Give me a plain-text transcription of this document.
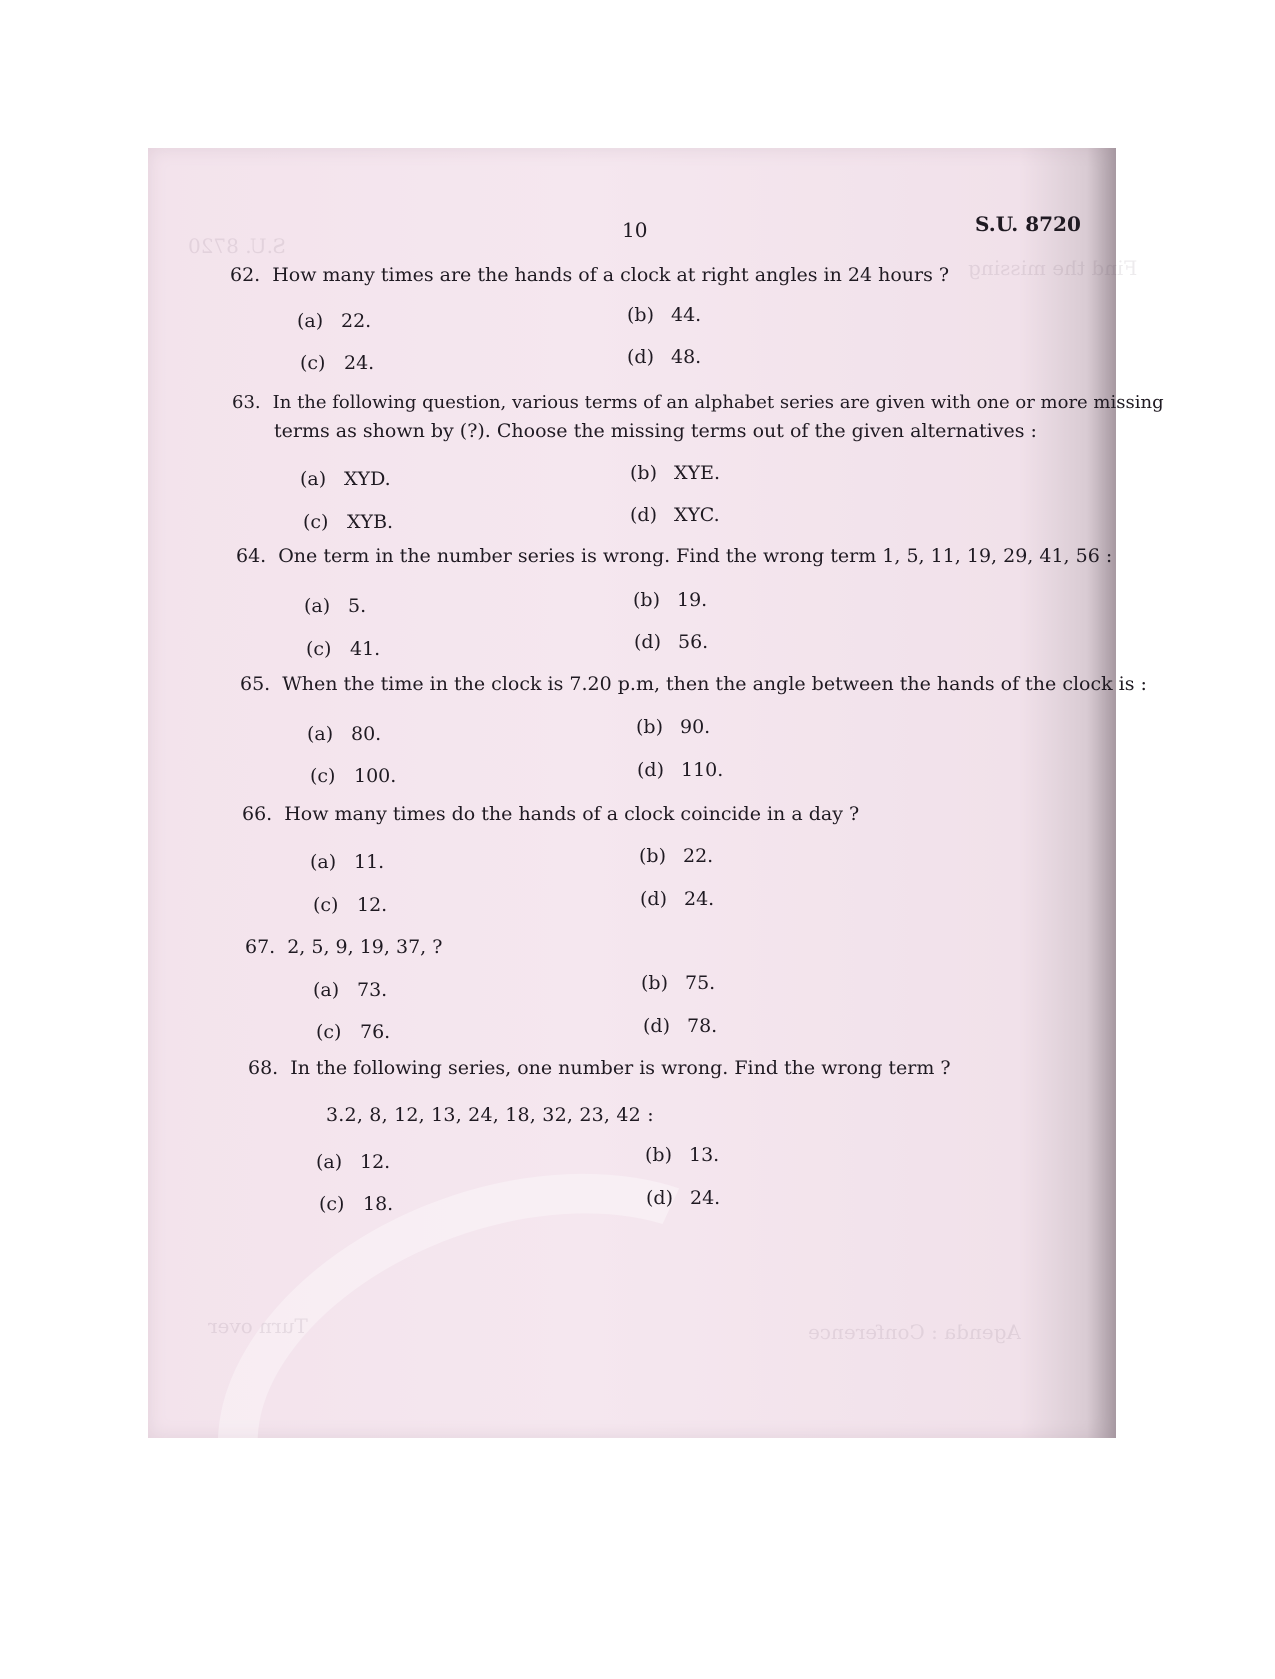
S.U. 8720
Find the missing
Agenda : Conference
Turn over
10	S.U. 8720
62. How many times are the hands of a clock at right angles in 24 hours ?
(a) 22.	(b) 44.
(c) 24.	(d) 48.
63. In the following question, various terms of an alphabet series are given with one or more missing
terms as shown by (?). Choose the missing terms out of the given alternatives :
(a) XYD.	(b) XYE.
(c) XYB.	(d) XYC.
64. One term in the number series is wrong. Find the wrong term 1, 5, 11, 19, 29, 41, 56 :
(a) 5.	(b) 19.
(c) 41.	(d) 56.
65. When the time in the clock is 7.20 p.m, then the angle between the hands of the clock is :
(a) 80.	(b) 90.
(c) 100.	(d) 110.
66. How many times do the hands of a clock coincide in a day ?
(a) 11.	(b) 22.
(c) 12.	(d) 24.
67. 2, 5, 9, 19, 37, ?
(a) 73.	(b) 75.
(c) 76.	(d) 78.
68. In the following series, one number is wrong. Find the wrong term ?
3.2, 8, 12, 13, 24, 18, 32, 23, 42 :
(a) 12.	(b) 13.
(c) 18.	(d) 24.
